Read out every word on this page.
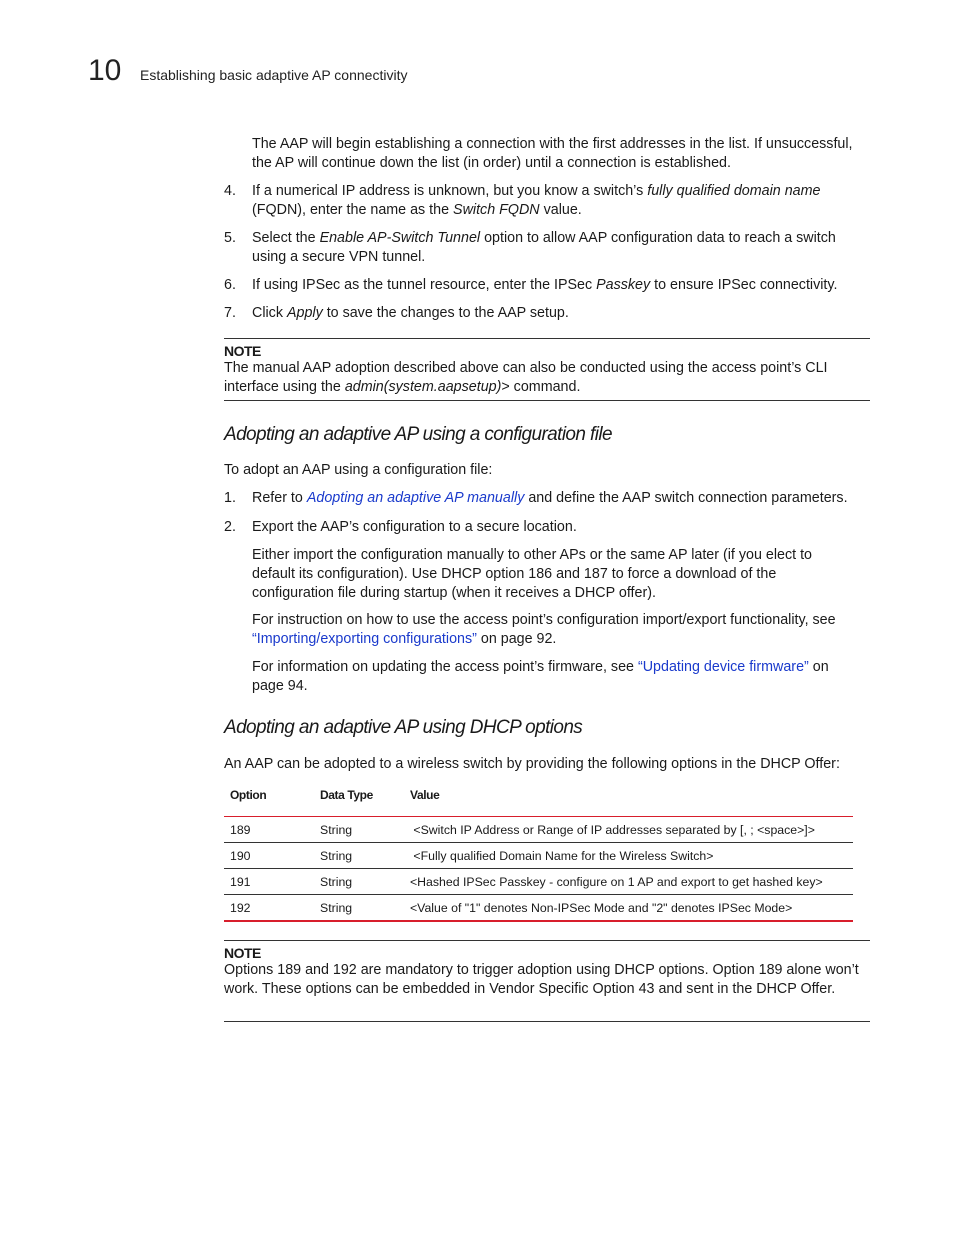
10 Establishing basic adaptive AP connectivity
The AAP will begin establishing a connection with the first addresses in the list. If unsuccessful, the AP will continue down the list (in order) until a connection is established.
4. If a numerical IP address is unknown, but you know a switch’s fully qualified domain name (FQDN), enter the name as the Switch FQDN value.
5. Select the Enable AP-Switch Tunnel option to allow AAP configuration data to reach a switch using a secure VPN tunnel.
6. If using IPSec as the tunnel resource, enter the IPSec Passkey to ensure IPSec connectivity.
7. Click Apply to save the changes to the AAP setup.
NOTE
The manual AAP adoption described above can also be conducted using the access point’s CLI interface using the admin(system.aapsetup)> command.
Adopting an adaptive AP using a configuration file
To adopt an AAP using a configuration file:
1. Refer to Adopting an adaptive AP manually and define the AAP switch connection parameters.
2. Export the AAP’s configuration to a secure location.
Either import the configuration manually to other APs or the same AP later (if you elect to default its configuration). Use DHCP option 186 and 187 to force a download of the configuration file during startup (when it receives a DHCP offer).
For instruction on how to use the access point’s configuration import/export functionality, see “Importing/exporting configurations” on page 92.
For information on updating the access point’s firmware, see “Updating device firmware” on page 94.
Adopting an adaptive AP using DHCP options
An AAP can be adopted to a wireless switch by providing the following options in the DHCP Offer:
Option	Data Type	Value
189	String	<Switch IP Address or Range of IP addresses separated by [, ; <space>]>
190	String	<Fully qualified Domain Name for the Wireless Switch>
191	String	<Hashed IPSec Passkey - configure on 1 AP and export to get hashed key>
192	String	<Value of "1" denotes Non-IPSec Mode and "2" denotes IPSec Mode>
NOTE
Options 189 and 192 are mandatory to trigger adoption using DHCP options. Option 189 alone won’t work. These options can be embedded in Vendor Specific Option 43 and sent in the DHCP Offer.
